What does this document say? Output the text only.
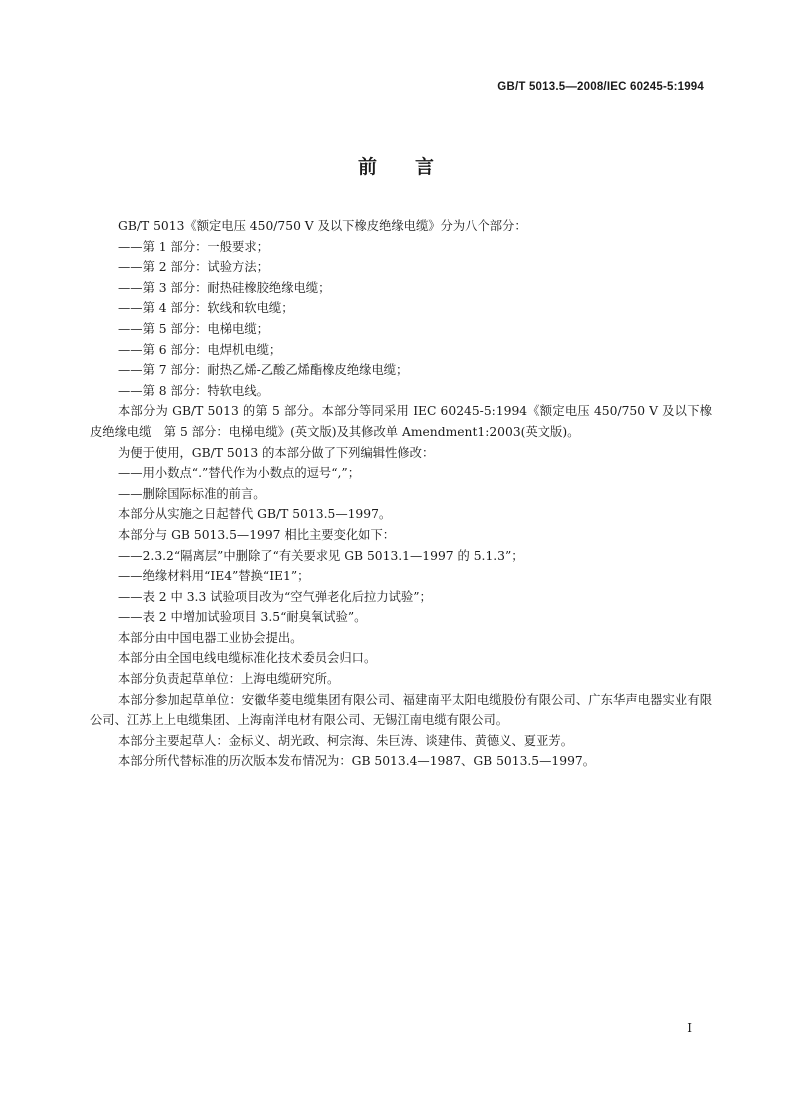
GB/T 5013.5—2008/IEC 60245-5:1994
前　　言

GB/T 5013《额定电压 450/750 V 及以下橡皮绝缘电缆》分为八个部分：

——第 1 部分：一般要求；

——第 2 部分：试验方法；

——第 3 部分：耐热硅橡胶绝缘电缆；

——第 4 部分：软线和软电缆；

——第 5 部分：电梯电缆；

——第 6 部分：电焊机电缆；

——第 7 部分：耐热乙烯-乙酸乙烯酯橡皮绝缘电缆；

——第 8 部分：特软电线。

本部分为 GB/T 5013 的第 5 部分。本部分等同采用 IEC 60245-5:1994《额定电压 450/750 V 及以下橡皮绝缘电缆　第 5 部分：电梯电缆》(英文版)及其修改单 Amendment1:2003(英文版)。

为便于使用，GB/T 5013 的本部分做了下列编辑性修改：

——用小数点“.”替代作为小数点的逗号“,”；

——删除国际标准的前言。

本部分从实施之日起替代 GB/T 5013.5—1997。

本部分与 GB 5013.5—1997 相比主要变化如下：

——2.3.2“隔离层”中删除了“有关要求见 GB 5013.1—1997 的 5.1.3”；

——绝缘材料用“IE4”替换“IE1”；

——表 2 中 3.3 试验项目改为“空气弹老化后拉力试验”；

——表 2 中增加试验项目 3.5“耐臭氧试验”。

本部分由中国电器工业协会提出。

本部分由全国电线电缆标准化技术委员会归口。

本部分负责起草单位：上海电缆研究所。

本部分参加起草单位：安徽华菱电缆集团有限公司、福建南平太阳电缆股份有限公司、广东华声电器实业有限公司、江苏上上电缆集团、上海南洋电材有限公司、无锡江南电缆有限公司。

本部分主要起草人：金标义、胡光政、柯宗海、朱巨涛、谈建伟、黄德义、夏亚芳。

本部分所代替标准的历次版本发布情况为：GB 5013.4—1987、GB 5013.5—1997。

I
